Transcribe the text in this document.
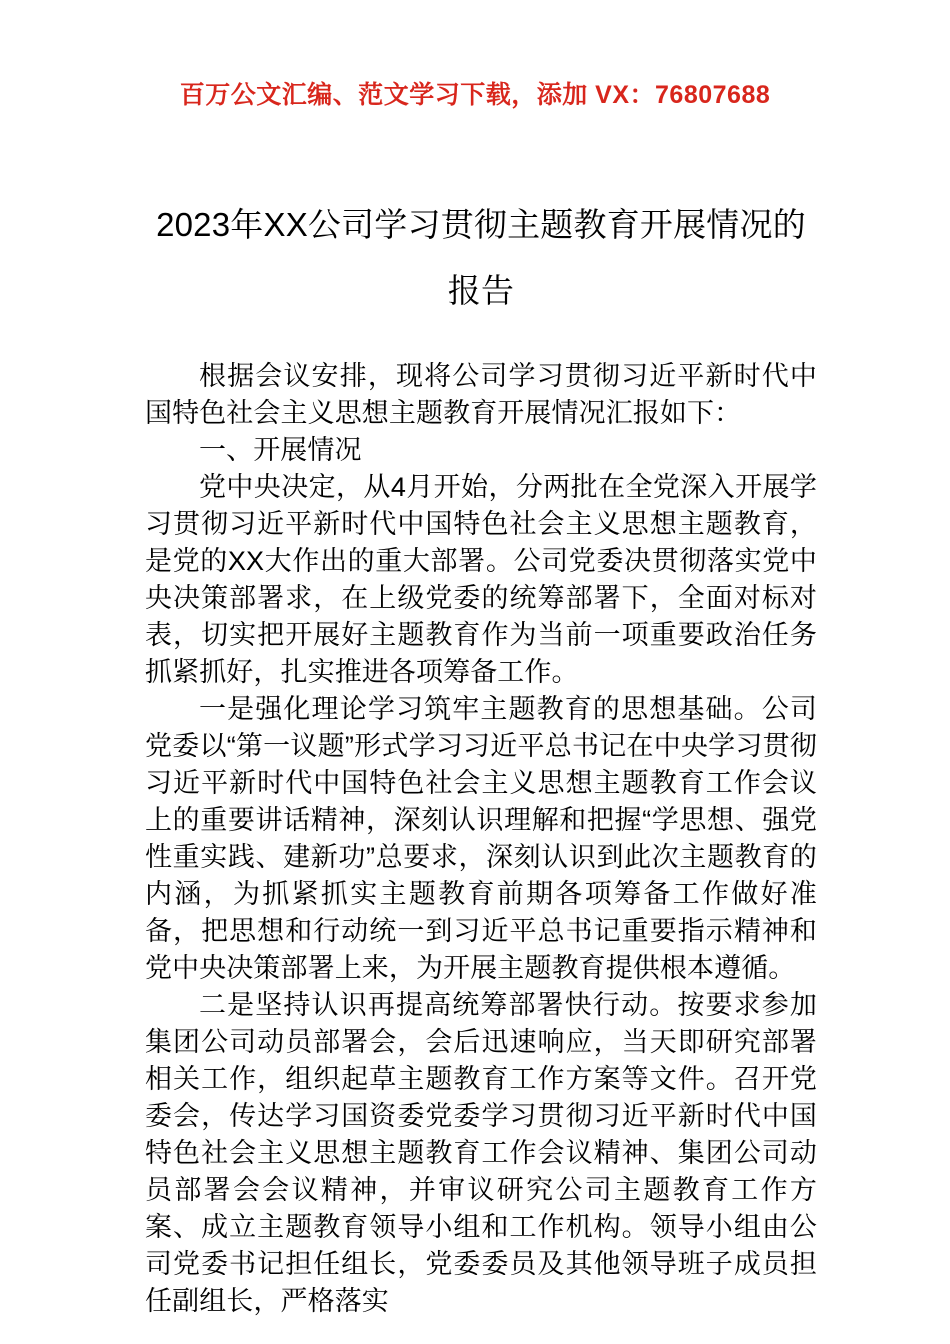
百万公文汇编、范文学习下载，添加 VX：76807688
2023年XX公司学习贯彻主题教育开展情况的报告

根据会议安排，现将公司学习贯彻习近平新时代中国特色社会主义思想主题教育开展情况汇报如下：

一、开展情况

党中央决定，从4月开始，分两批在全党深入开展学习贯彻习近平新时代中国特色社会主义思想主题教育，是党的XX大作出的重大部署。公司党委决贯彻落实党中央决策部署求，在上级党委的统筹部署下，全面对标对表，切实把开展好主题教育作为当前一项重要政治任务抓紧抓好，扎实推进各项筹备工作。

一是强化理论学习筑牢主题教育的思想基础。公司党委以“第一议题”形式学习习近平总书记在中央学习贯彻习近平新时代中国特色社会主义思想主题教育工作会议上的重要讲话精神，深刻认识理解和把握“学思想、强党性重实践、建新功”总要求，深刻认识到此次主题教育的内涵，为抓紧抓实主题教育前期各项筹备工作做好准备，把思想和行动统一到习近平总书记重要指示精神和党中央决策部署上来，为开展主题教育提供根本遵循。

二是坚持认识再提高统筹部署快行动。按要求参加集团公司动员部署会，会后迅速响应，当天即研究部署相关工作，组织起草主题教育工作方案等文件。召开党委会，传达学习国资委党委学习贯彻习近平新时代中国特色社会主义思想主题教育工作会议精神、集团公司动员部署会会议精神，并审议研究公司主题教育工作方案、成立主题教育领导小组和工作机构。领导小组由公司党委书记担任组长，党委委员及其他领导班子成员担任副组长，严格落实
